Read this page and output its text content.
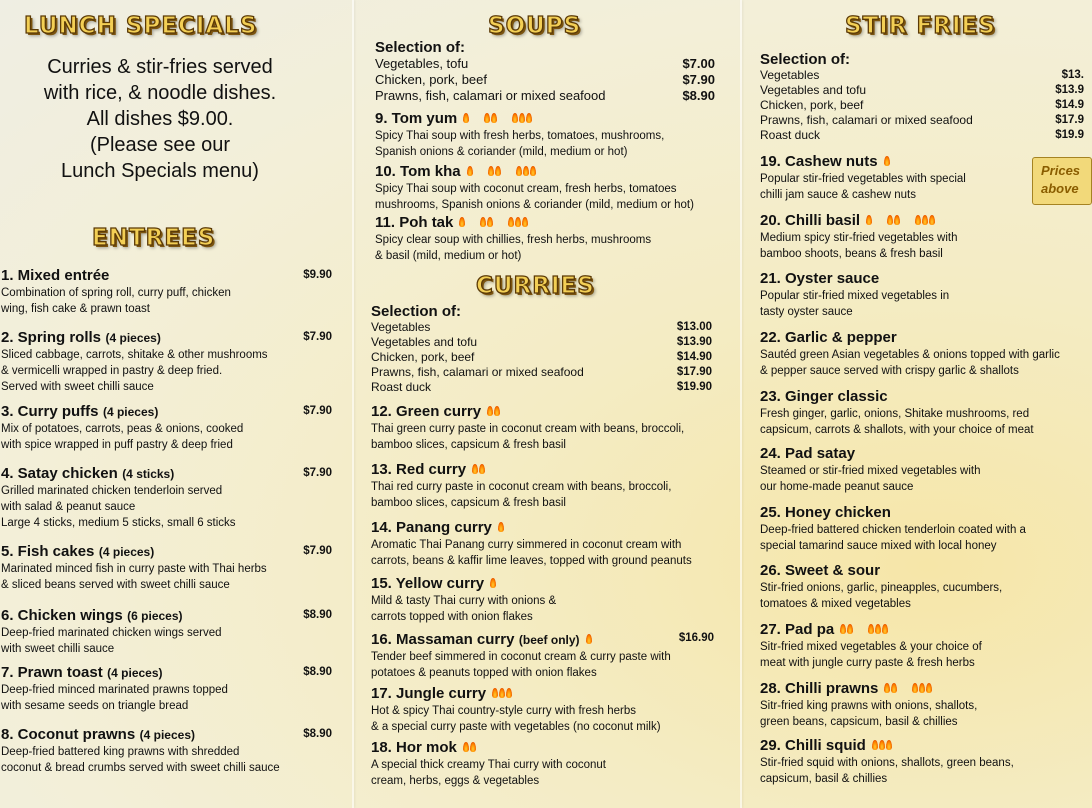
LUNCH SPECIALS
Curries & stir-fries served
with rice, & noodle dishes.
All dishes $9.00.
(Please see our
Lunch Specials menu)
ENTREES
1. Mixed entrée	$9.90
Combination of spring roll, curry puff, chicken
wing, fish cake & prawn toast
2. Spring rolls (4 pieces)	$7.90
Sliced cabbage, carrots, shitake & other mushrooms
& vermicelli wrapped in pastry & deep fried.
Served with sweet chilli sauce
3. Curry puffs (4 pieces)	$7.90
Mix of potatoes, carrots, peas & onions, cooked
with spice wrapped in puff pastry & deep fried
4. Satay chicken (4 sticks)	$7.90
Grilled marinated chicken tenderloin served
with salad & peanut sauce
Large 4 sticks, medium 5 sticks, small 6 sticks
5. Fish cakes (4 pieces)	$7.90
Marinated minced fish in curry paste with Thai herbs
& sliced beans served with sweet chilli sauce
6. Chicken wings (6 pieces)	$8.90
Deep-fried marinated chicken wings served
with sweet chilli sauce
7. Prawn toast (4 pieces)	$8.90
Deep-fried minced marinated prawns topped
with sesame seeds on triangle bread
8. Coconut prawns (4 pieces)	$8.90
Deep-fried battered king prawns with shredded
coconut & bread crumbs served with sweet chilli sauce
SOUPS
Selection of:
Vegetables, tofu	$7.00
Chicken, pork, beef	$7.90
Prawns, fish, calamari or mixed seafood	$8.90
9. Tom yum
Spicy Thai soup with fresh herbs, tomatoes, mushrooms,
Spanish onions & coriander (mild, medium or hot)
10. Tom kha
Spicy Thai soup with coconut cream, fresh herbs, tomatoes
mushrooms, Spanish onions & coriander (mild, medium or hot)
11. Poh tak
Spicy clear soup with chillies, fresh herbs, mushrooms
& basil (mild, medium or hot)
CURRIES
Selection of:
Vegetables	$13.00
Vegetables and tofu	$13.90
Chicken, pork, beef	$14.90
Prawns, fish, calamari or mixed seafood	$17.90
Roast duck	$19.90
12. Green curry
Thai green curry paste in coconut cream with beans, broccoli,
bamboo slices, capsicum & fresh basil
13. Red curry
Thai red curry paste in coconut cream with beans, broccoli,
bamboo slices, capsicum & fresh basil
14. Panang curry
Aromatic Thai Panang curry simmered in coconut cream with
carrots, beans & kaffir lime leaves, topped with ground peanuts
15. Yellow curry
Mild & tasty Thai curry with onions &
carrots topped with onion flakes
16. Massaman curry (beef only)	$16.90
Tender beef simmered in coconut cream & curry paste with
potatoes & peanuts topped with onion flakes
17. Jungle curry
Hot & spicy Thai country-style curry with fresh herbs
& a special curry paste with vegetables (no coconut milk)
18. Hor mok
A special thick creamy Thai curry with coconut
cream, herbs, eggs & vegetables
STIR FRIES
Selection of:
Vegetables	$13.
Vegetables and tofu	$13.9
Chicken, pork, beef	$14.9
Prawns, fish, calamari or mixed seafood	$17.9
Roast duck	$19.9
19. Cashew nuts
Popular stir-fried vegetables with special
chilli jam sauce & cashew nuts
20. Chilli basil
Medium spicy stir-fried vegetables with
bamboo shoots, beans & fresh basil
21. Oyster sauce
Popular stir-fried mixed vegetables in
tasty oyster sauce
22. Garlic & pepper
Sautéd green Asian vegetables & onions topped with garlic
& pepper sauce served with crispy garlic & shallots
23. Ginger classic
Fresh ginger, garlic, onions, Shitake mushrooms, red
capsicum, carrots & shallots, with your choice of meat
24. Pad satay
Steamed or stir-fried mixed vegetables with
our home-made peanut sauce
25. Honey chicken
Deep-fried battered chicken tenderloin coated with a
special tamarind sauce mixed with local honey
26. Sweet & sour
Stir-fried onions, garlic, pineapples, cucumbers,
tomatoes & mixed vegetables
27. Pad pa
Sitr-fried mixed vegetables & your choice of
meat with jungle curry paste & fresh herbs
28. Chilli prawns
Sitr-fried king prawns with onions, shallots,
green beans, capsicum, basil & chillies
29. Chilli squid
Stir-fried squid with onions, shallots, green beans,
capsicum, basil & chillies
Prices
above
